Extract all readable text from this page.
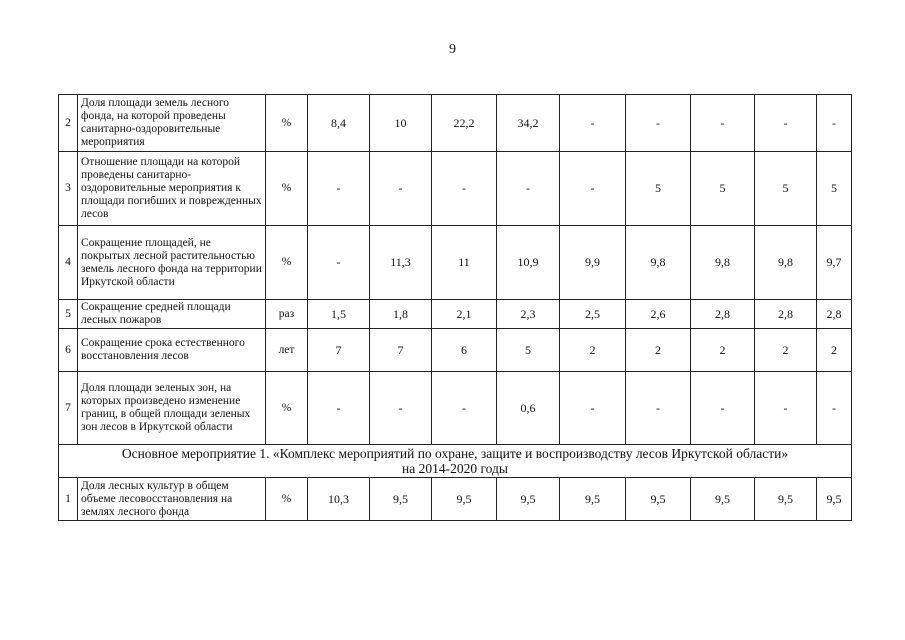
9
2	Доля площади земель лесного фонда, на которой проведены санитарно-оздоровительные мероприятия	%	8,4	10	22,2	34,2	-	-	-	-	-
3	Отношение площади на которой проведены санитарно-оздоровительные мероприятия к площади погибших и поврежденных лесов	%	-	-	-	-	-	5	5	5	5
4	Сокращение площадей, не покрытых лесной растительностью земель лесного фонда на территории Иркутской области	%	-	11,3	11	10,9	9,9	9,8	9,8	9,8	9,7
5	Сокращение средней площади лесных пожаров	раз	1,5	1,8	2,1	2,3	2,5	2,6	2,8	2,8	2,8
6	Сокращение срока естественного восстановления лесов	лет	7	7	6	5	2	2	2	2	2
7	Доля площади зеленых зон, на которых произведено изменение границ, в общей площади зеленых зон лесов в Иркутской области	%	-	-	-	0,6	-	-	-	-	-

Основное мероприятие 1. «Комплекс мероприятий по охране, защите и воспроизводству лесов Иркутской области»
на 2014-2020 годы											

1	Доля лесных культур в общем объеме лесовосстановления на землях лесного фонда	%	10,3	9,5	9,5	9,5	9,5	9,5	9,5	9,5	9,5
